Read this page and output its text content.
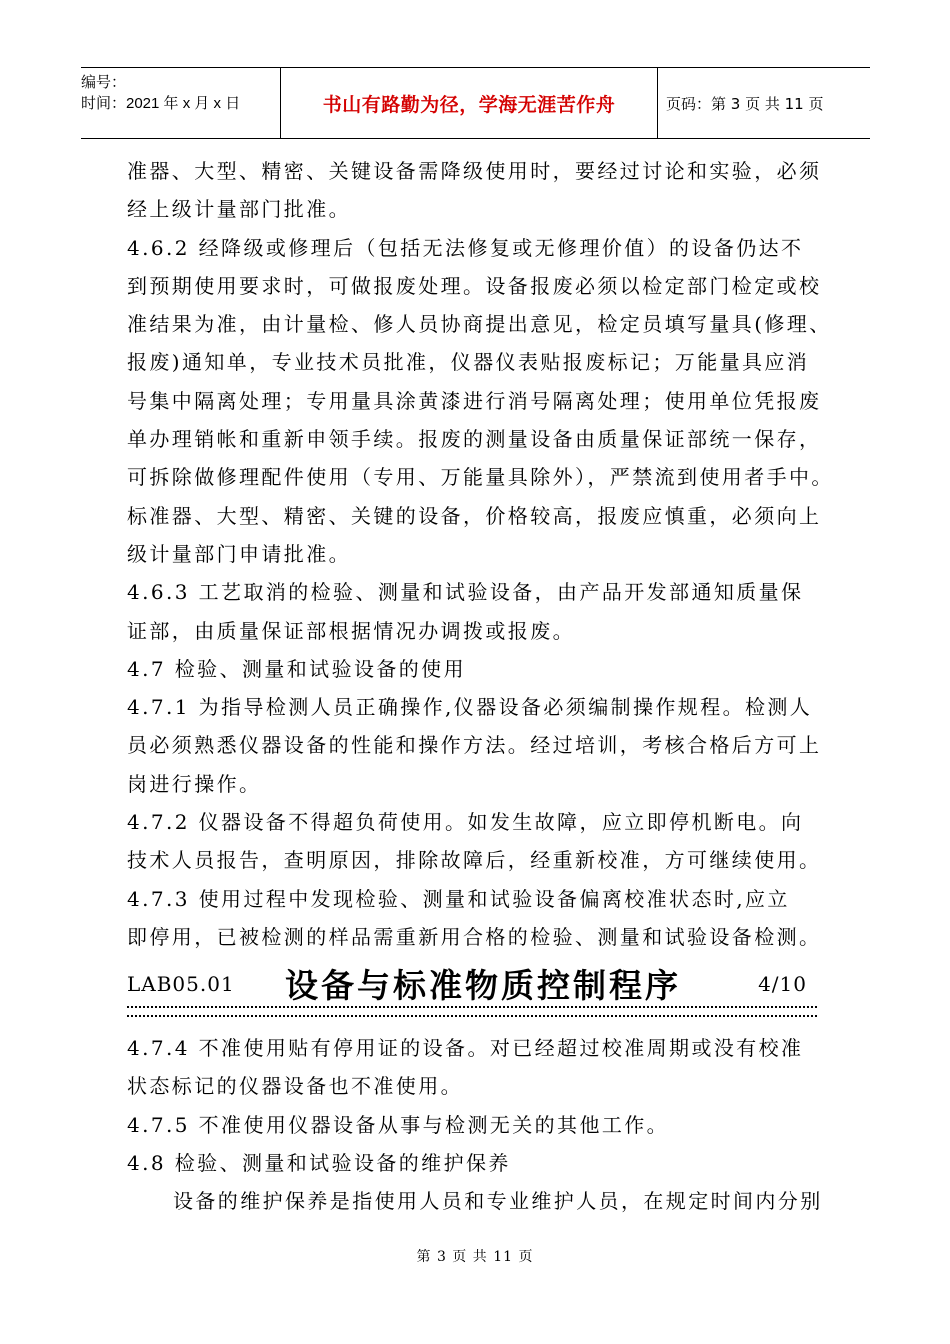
编号：
时间：2021 年 x 月 x 日	书山有路勤为径，学海无涯苦作舟	页码：第 3 页 共 11 页

准器、大型、精密、关键设备需降级使用时，要经过讨论和实验，必须

经上级计量部门批准。

4.6.2 经降级或修理后（包括无法修复或无修理价值）的设备仍达不

到预期使用要求时，可做报废处理。设备报废必须以检定部门检定或校

准结果为准，由计量检、修人员协商提出意见，检定员填写量具(修理、

报废)通知单，专业技术员批准，仪器仪表贴报废标记；万能量具应消

号集中隔离处理；专用量具涂黄漆进行消号隔离处理；使用单位凭报废

单办理销帐和重新申领手续。报废的测量设备由质量保证部统一保存，

可拆除做修理配件使用（专用、万能量具除外），严禁流到使用者手中。

标准器、大型、精密、关键的设备，价格较高，报废应慎重，必须向上

级计量部门申请批准。

4.6.3 工艺取消的检验、测量和试验设备，由产品开发部通知质量保

证部，由质量保证部根据情况办调拨或报废。

4.7 检验、测量和试验设备的使用

4.7.1 为指导检测人员正确操作,仪器设备必须编制操作规程。检测人

员必须熟悉仪器设备的性能和操作方法。经过培训，考核合格后方可上

岗进行操作。

4.7.2 仪器设备不得超负荷使用。如发生故障，应立即停机断电。向

技术人员报告，查明原因，排除故障后，经重新校准，方可继续使用。

4.7.3 使用过程中发现检验、测量和试验设备偏离校准状态时,应立

即停用，已被检测的样品需重新用合格的检验、测量和试验设备检测。

LAB05.01 设备与标准物质控制程序	4/10

4.7.4 不准使用贴有停用证的设备。对已经超过校准周期或没有校准

状态标记的仪器设备也不准使用。

4.7.5 不准使用仪器设备从事与检测无关的其他工作。

4.8 检验、测量和试验设备的维护保养

设备的维护保养是指使用人员和专业维护人员，在规定时间内分别

第 3 页 共 11 页
